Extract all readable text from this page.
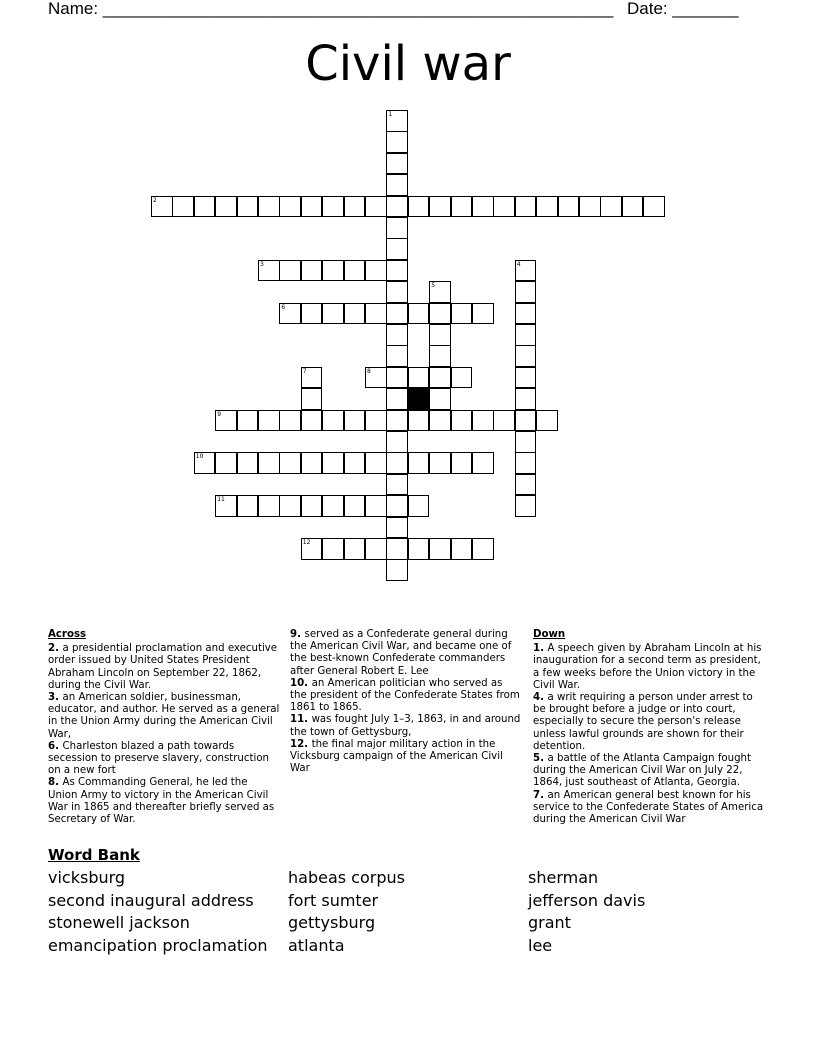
Name: ______________________________________________________ Date: _______
Civil war
1
2
3	4
5
6
7	8
9
10
11
12
Across
2. a presidential proclamation and executive order issued by United States President Abraham Lincoln on September 22, 1862, during the Civil War.
3. an American soldier, businessman, educator, and author. He served as a general in the Union Army during the American Civil War,
6. Charleston blazed a path towards secession to preserve slavery, construction on a new fort
8. As Commanding General, he led the Union Army to victory in the American Civil War in 1865 and thereafter briefly served as Secretary of War.
9. served as a Confederate general during the American Civil War, and became one of the best-known Confederate commanders after General Robert E. Lee
10. an American politician who served as the president of the Confederate States from 1861 to 1865.
11. was fought July 1–3, 1863, in and around the town of Gettysburg,
12. the final major military action in the Vicksburg campaign of the American Civil War
Down
1. A speech given by Abraham Lincoln at his inauguration for a second term as president, a few weeks before the Union victory in the Civil War.
4. a writ requiring a person under arrest to be brought before a judge or into court, especially to secure the person's release unless lawful grounds are shown for their detention.
5. a battle of the Atlanta Campaign fought during the American Civil War on July 22, 1864, just southeast of Atlanta, Georgia.
7. an American general best known for his service to the Confederate States of America during the American Civil War
Word Bank
vicksburg
second inaugural address
stonewell jackson
emancipation proclamation
habeas corpus
fort sumter
gettysburg
atlanta
sherman
jefferson davis
grant
lee
